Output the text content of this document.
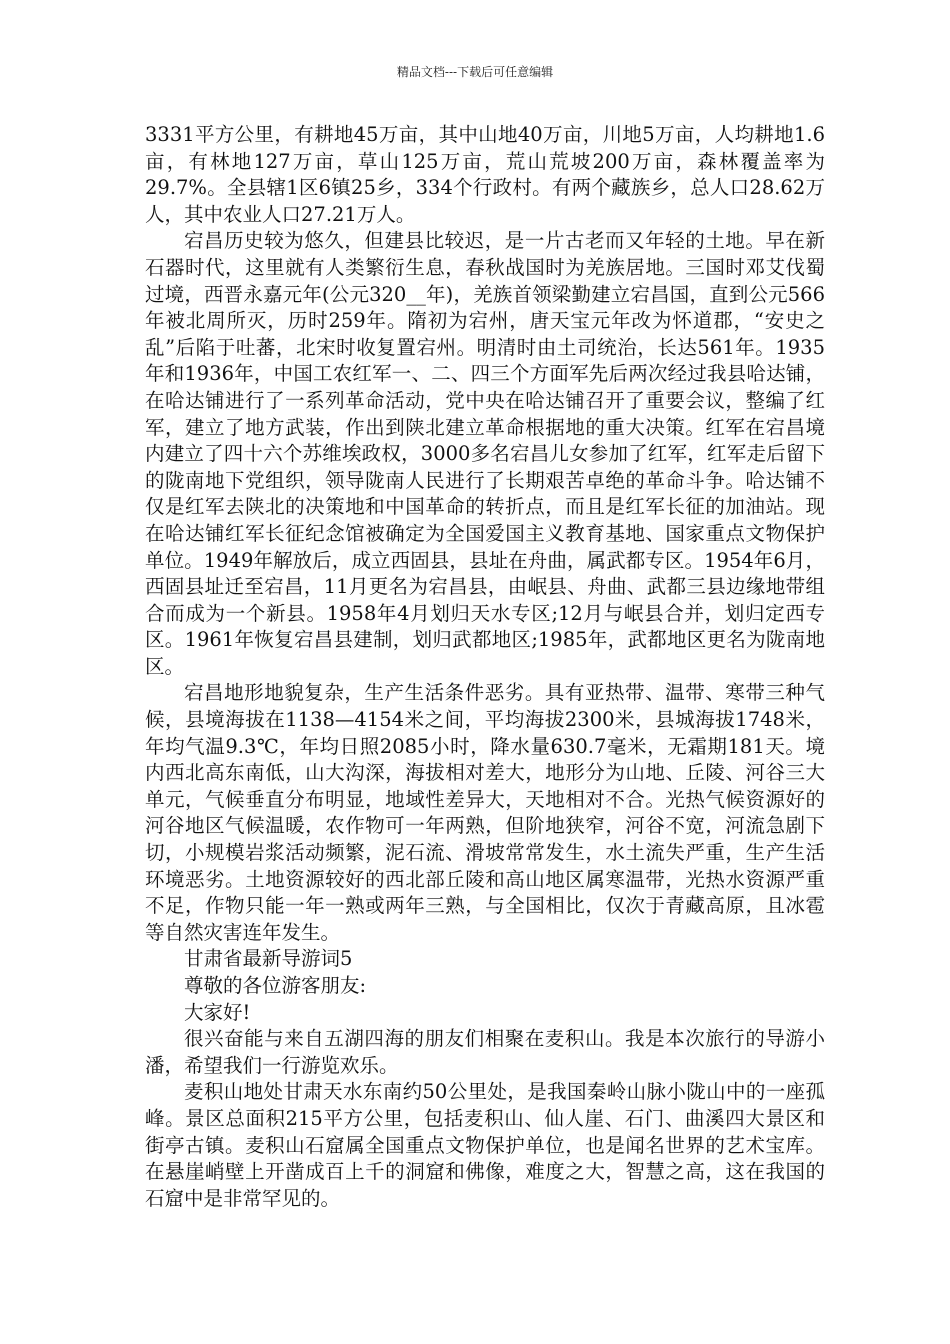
精品文档---下载后可任意编辑

3331平方公里，有耕地45万亩，其中山地40万亩，川地5万亩，人均耕地1.6亩，有林地127万亩，草山125万亩，荒山荒坡200万亩，森林覆盖率为29.7%。全县辖1区6镇25乡，334个行政村。有两个藏族乡，总人口28.62万人，其中农业人口27.21万人。

宕昌历史较为悠久，但建县比较迟，是一片古老而又年轻的土地。早在新石器时代，这里就有人类繁衍生息，春秋战国时为羌族居地。三国时邓艾伐蜀过境，西晋永嘉元年(公元320__年)，羌族首领梁勤建立宕昌国，直到公元566年被北周所灭，历时259年。隋初为宕州，唐天宝元年改为怀道郡，“安史之乱”后陷于吐蕃，北宋时收复置宕州。明清时由土司统治，长达561年。1935年和1936年，中国工农红军一、二、四三个方面军先后两次经过我县哈达铺，在哈达铺进行了一系列革命活动，党中央在哈达铺召开了重要会议，整编了红军，建立了地方武装，作出到陕北建立革命根据地的重大决策。红军在宕昌境内建立了四十六个苏维埃政权，3000多名宕昌儿女参加了红军，红军走后留下的陇南地下党组织，领导陇南人民进行了长期艰苦卓绝的革命斗争。哈达铺不仅是红军去陕北的决策地和中国革命的转折点，而且是红军长征的加油站。现在哈达铺红军长征纪念馆被确定为全国爱国主义教育基地、国家重点文物保护单位。1949年解放后，成立西固县，县址在舟曲，属武都专区。1954年6月，西固县址迁至宕昌，11月更名为宕昌县，由岷县、舟曲、武都三县边缘地带组合而成为一个新县。1958年4月划归天水专区;12月与岷县合并，划归定西专区。1961年恢复宕昌县建制，划归武都地区;1985年，武都地区更名为陇南地区。

宕昌地形地貌复杂，生产生活条件恶劣。具有亚热带、温带、寒带三种气候，县境海拔在1138—4154米之间，平均海拔2300米，县城海拔1748米，年均气温9.3℃，年均日照2085小时，降水量630.7毫米，无霜期181天。境内西北高东南低，山大沟深，海拔相对差大，地形分为山地、丘陵、河谷三大单元，气候垂直分布明显，地域性差异大，天地相对不合。光热气候资源好的河谷地区气候温暖，农作物可一年两熟，但阶地狭窄，河谷不宽，河流急剧下切，小规模岩浆活动频繁，泥石流、滑坡常常发生，水土流失严重，生产生活环境恶劣。土地资源较好的西北部丘陵和高山地区属寒温带，光热水资源严重不足，作物只能一年一熟或两年三熟，与全国相比，仅次于青藏高原，且冰雹等自然灾害连年发生。

甘肃省最新导游词5

尊敬的各位游客朋友:

大家好!

很兴奋能与来自五湖四海的朋友们相聚在麦积山。我是本次旅行的导游小潘，希望我们一行游览欢乐。

麦积山地处甘肃天水东南约50公里处，是我国秦岭山脉小陇山中的一座孤峰。景区总面积215平方公里，包括麦积山、仙人崖、石门、曲溪四大景区和街亭古镇。麦积山石窟属全国重点文物保护单位，也是闻名世界的艺术宝库。在悬崖峭壁上开凿成百上千的洞窟和佛像，难度之大，智慧之高，这在我国的石窟中是非常罕见的。
